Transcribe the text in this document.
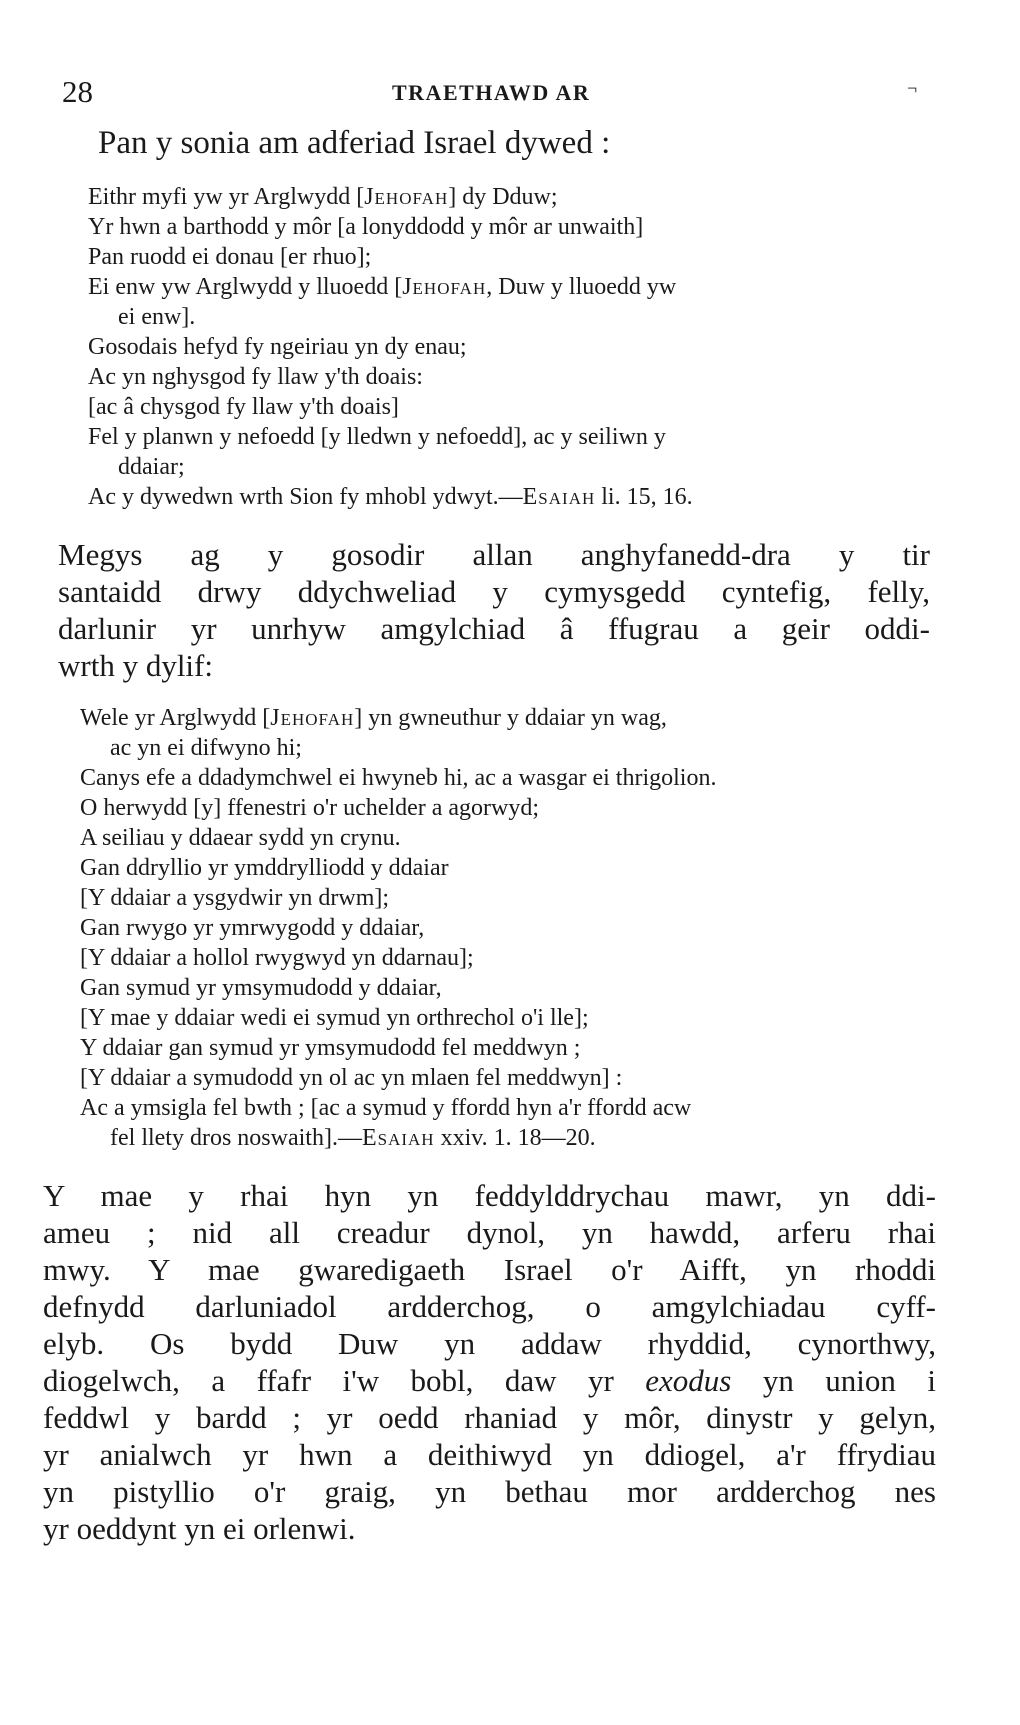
28	TRAETHAWD AR	¬
Pan y sonia am adferiad Israel dywed :
Eithr myfi yw yr Arglwydd [Jehofah] dy Dduw;
Yr hwn a barthodd y môr [a lonyddodd y môr ar unwaith]
Pan ruodd ei donau [er rhuo];
Ei enw yw Arglwydd y lluoedd [Jehofah, Duw y lluoedd yw
ei enw].
Gosodais hefyd fy ngeiriau yn dy enau;
Ac yn nghysgod fy llaw y'th doais:
[ac â chysgod fy llaw y'th doais]
Fel y planwn y nefoedd [y lledwn y nefoedd], ac y seiliwn y
ddaiar;
Ac y dywedwn wrth Sion fy mhobl ydwyt.—Esaiah li. 15, 16.
Megys ag y gosodir allan anghyfanedd-dra y tir
santaidd drwy ddychweliad y cymysgedd cyntefig, felly,
darlunir yr unrhyw amgylchiad â ffugrau a geir oddi-
wrth y dylif:
Wele yr Arglwydd [Jehofah] yn gwneuthur y ddaiar yn wag,
ac yn ei difwyno hi;
Canys efe a ddadymchwel ei hwyneb hi, ac a wasgar ei thrigolion.
O herwydd [y] ffenestri o'r uchelder a agorwyd;
A seiliau y ddaear sydd yn crynu.
Gan ddryllio yr ymddrylliodd y ddaiar
[Y ddaiar a ysgydwir yn drwm];
Gan rwygo yr ymrwygodd y ddaiar,
[Y ddaiar a hollol rwygwyd yn ddarnau];
Gan symud yr ymsymudodd y ddaiar,
[Y mae y ddaiar wedi ei symud yn orthrechol o'i lle];
Y ddaiar gan symud yr ymsymudodd fel meddwyn ;
[Y ddaiar a symudodd yn ol ac yn mlaen fel meddwyn] :
Ac a ymsigla fel bwth ; [ac a symud y ffordd hyn a'r ffordd acw
fel llety dros noswaith].—Esaiah xxiv. 1. 18—20.
Y mae y rhai hyn yn feddylddrychau mawr, yn ddi-
ameu ; nid all creadur dynol, yn hawdd, arferu rhai
mwy. Y mae gwaredigaeth Israel o'r Aifft, yn rhoddi
defnydd darluniadol ardderchog, o amgylchiadau cyff-
elyb. Os bydd Duw yn addaw rhyddid, cynorthwy,
diogelwch, a ffafr i'w bobl, daw yr exodus yn union i
feddwl y bardd ; yr oedd rhaniad y môr, dinystr y gelyn,
yr anialwch yr hwn a deithiwyd yn ddiogel, a'r ffrydiau
yn pistyllio o'r graig, yn bethau mor ardderchog nes
yr oeddynt yn ei orlenwi.
